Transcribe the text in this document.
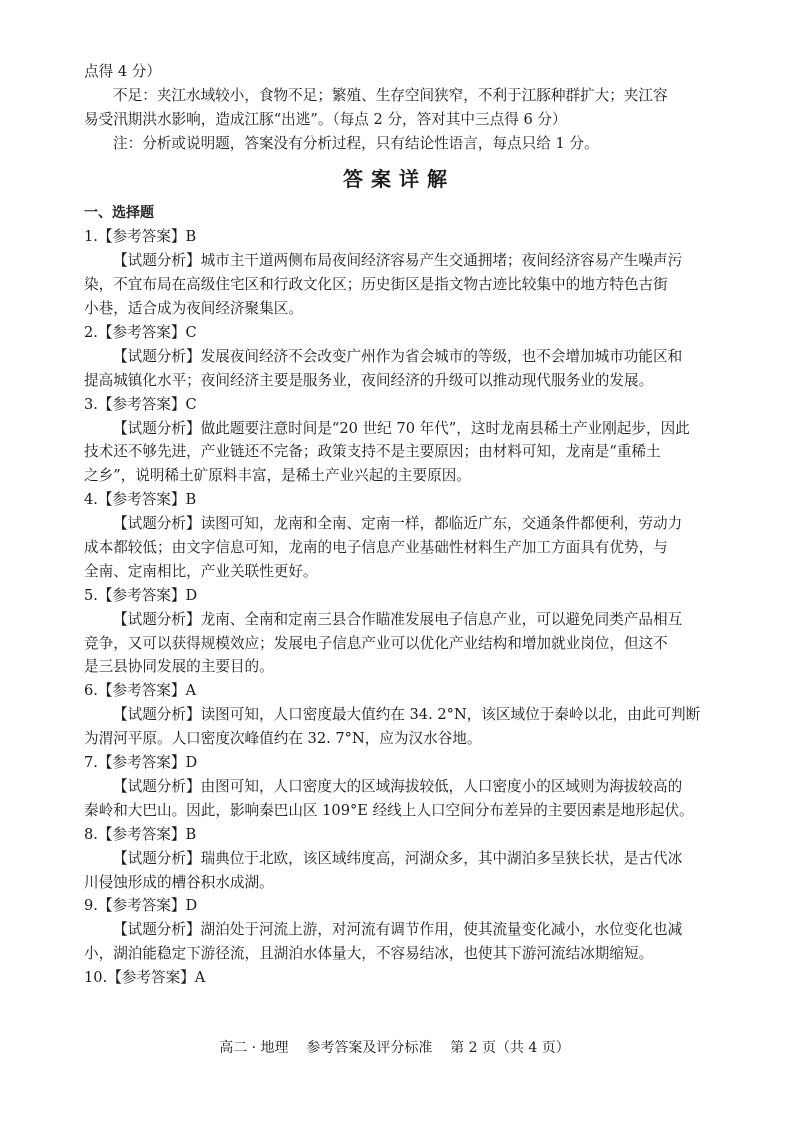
点得 4 分）
不足：夹江水域较小，食物不足；繁殖、生存空间狭窄，不利于江豚种群扩大；夹江容
易受汛期洪水影响，造成江豚“出逃”。（每点 2 分，答对其中三点得 6 分）
注：分析或说明题，答案没有分析过程，只有结论性语言，每点只给 1 分。
答案详解
一、选择题
1.【参考答案】B
【试题分析】城市主干道两侧布局夜间经济容易产生交通拥堵；夜间经济容易产生噪声污
染，不宜布局在高级住宅区和行政文化区；历史街区是指文物古迹比较集中的地方特色古街
小巷，适合成为夜间经济聚集区。
2.【参考答案】C
【试题分析】发展夜间经济不会改变广州作为省会城市的等级，也不会增加城市功能区和
提高城镇化水平；夜间经济主要是服务业，夜间经济的升级可以推动现代服务业的发展。
3.【参考答案】C
【试题分析】做此题要注意时间是“20 世纪 70 年代”，这时龙南县稀土产业刚起步，因此
技术还不够先进，产业链还不完备；政策支持不是主要原因；由材料可知，龙南是“重稀土
之乡”，说明稀土矿原料丰富，是稀土产业兴起的主要原因。
4.【参考答案】B
【试题分析】读图可知，龙南和全南、定南一样，都临近广东，交通条件都便利，劳动力
成本都较低；由文字信息可知，龙南的电子信息产业基础性材料生产加工方面具有优势，与
全南、定南相比，产业关联性更好。
5.【参考答案】D
【试题分析】龙南、全南和定南三县合作瞄准发展电子信息产业，可以避免同类产品相互
竞争，又可以获得规模效应；发展电子信息产业可以优化产业结构和增加就业岗位，但这不
是三县协同发展的主要目的。
6.【参考答案】A
【试题分析】读图可知，人口密度最大值约在 34. 2°N，该区域位于秦岭以北，由此可判断
为渭河平原。人口密度次峰值约在 32. 7°N，应为汉水谷地。
7.【参考答案】D
【试题分析】由图可知，人口密度大的区域海拔较低，人口密度小的区域则为海拔较高的
秦岭和大巴山。因此，影响秦巴山区 109°E 经线上人口空间分布差异的主要因素是地形起伏。
8.【参考答案】B
【试题分析】瑞典位于北欧，该区域纬度高，河湖众多，其中湖泊多呈狭长状，是古代冰
川侵蚀形成的槽谷积水成湖。
9.【参考答案】D
【试题分析】湖泊处于河流上游，对河流有调节作用，使其流量变化减小，水位变化也减
小，湖泊能稳定下游径流，且湖泊水体量大，不容易结冰，也使其下游河流结冰期缩短。
10.【参考答案】A
高二 · 地理    参考答案及评分标准    第 2 页（共 4 页）
